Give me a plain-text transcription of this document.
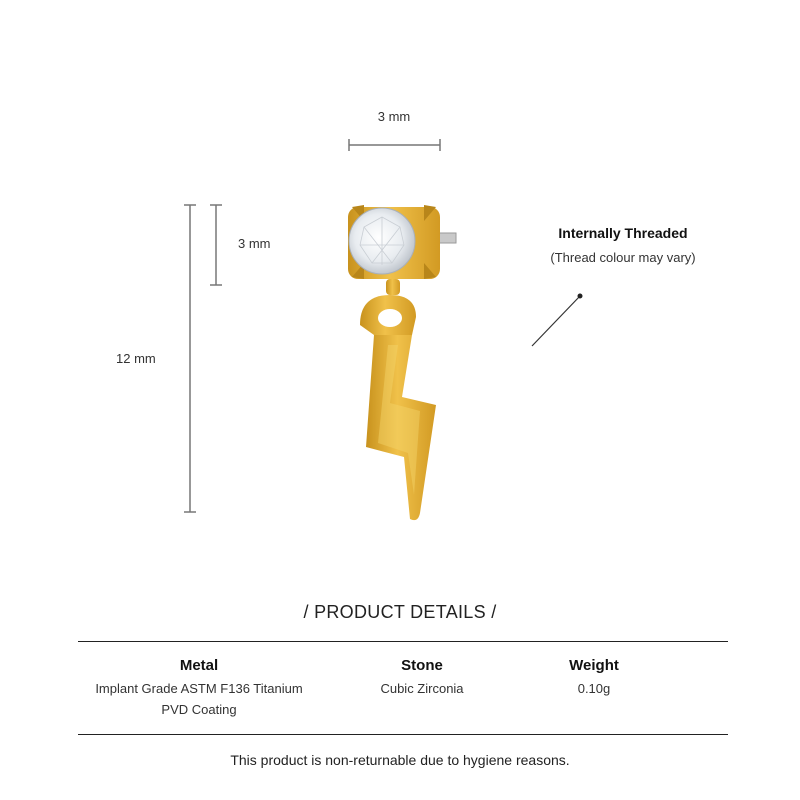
3 mm
3 mm
12 mm
Internally Threaded
(Thread colour may vary)
/ PRODUCT DETAILS /
Metal
Implant Grade ASTM F136 Titanium
PVD Coating
Stone
Cubic Zirconia
Weight
0.10g
This product is non-returnable due to hygiene reasons.
